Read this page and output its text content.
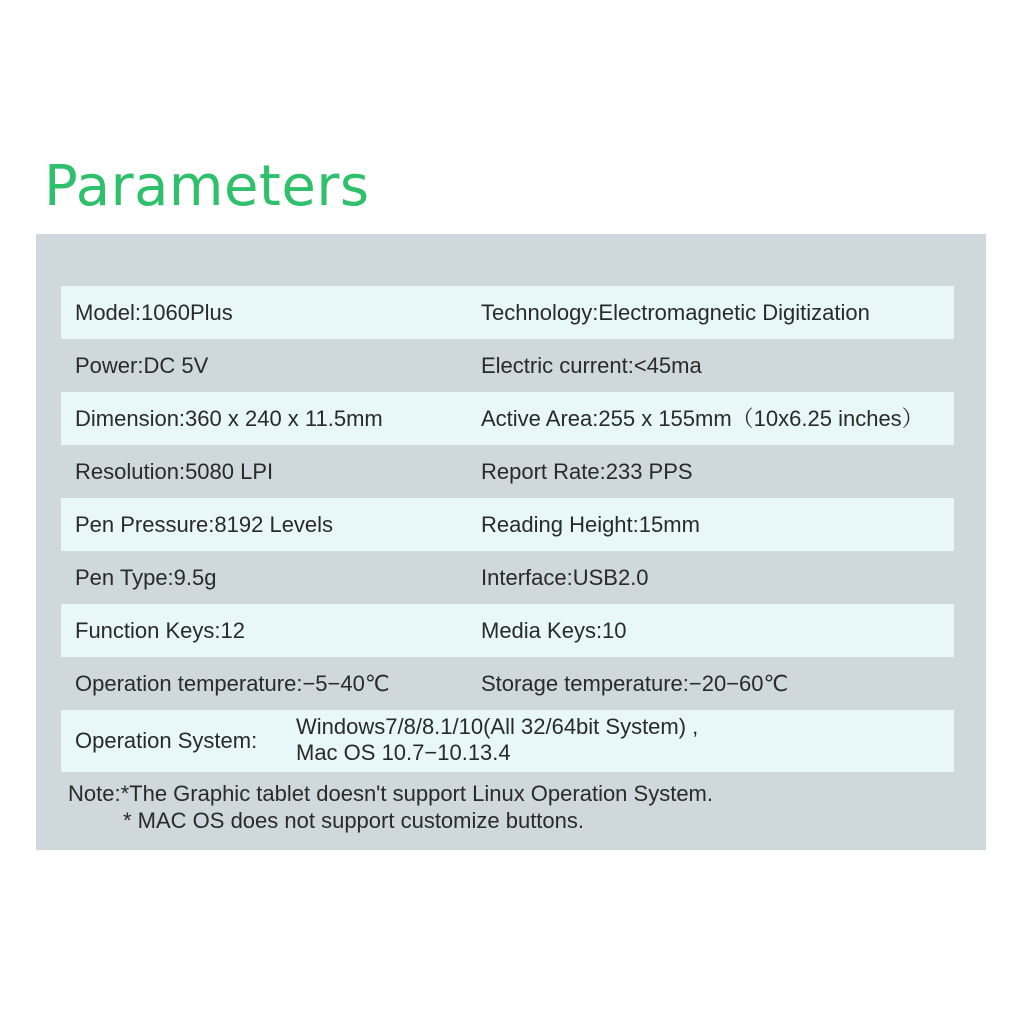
Parameters
Model:1060Plus	Technology:Electromagnetic Digitization
Power:DC 5V	Electric current:<45ma
Dimension:360 x 240 x 11.5mm	Active Area:255 x 155mm（10x6.25 inches）
Resolution:5080 LPI	Report Rate:233 PPS
Pen Pressure:8192 Levels	Reading Height:15mm
Pen Type:9.5g	Interface:USB2.0
Function Keys:12	Media Keys:10
Operation temperature:−5−40℃	Storage temperature:−20−60℃
Operation System:
Windows7/8/8.1/10(All 32/64bit System) ,
Mac OS 10.7−10.13.4
Note:*The Graphic tablet doesn't support Linux Operation System.
* MAC OS does not support customize buttons.
